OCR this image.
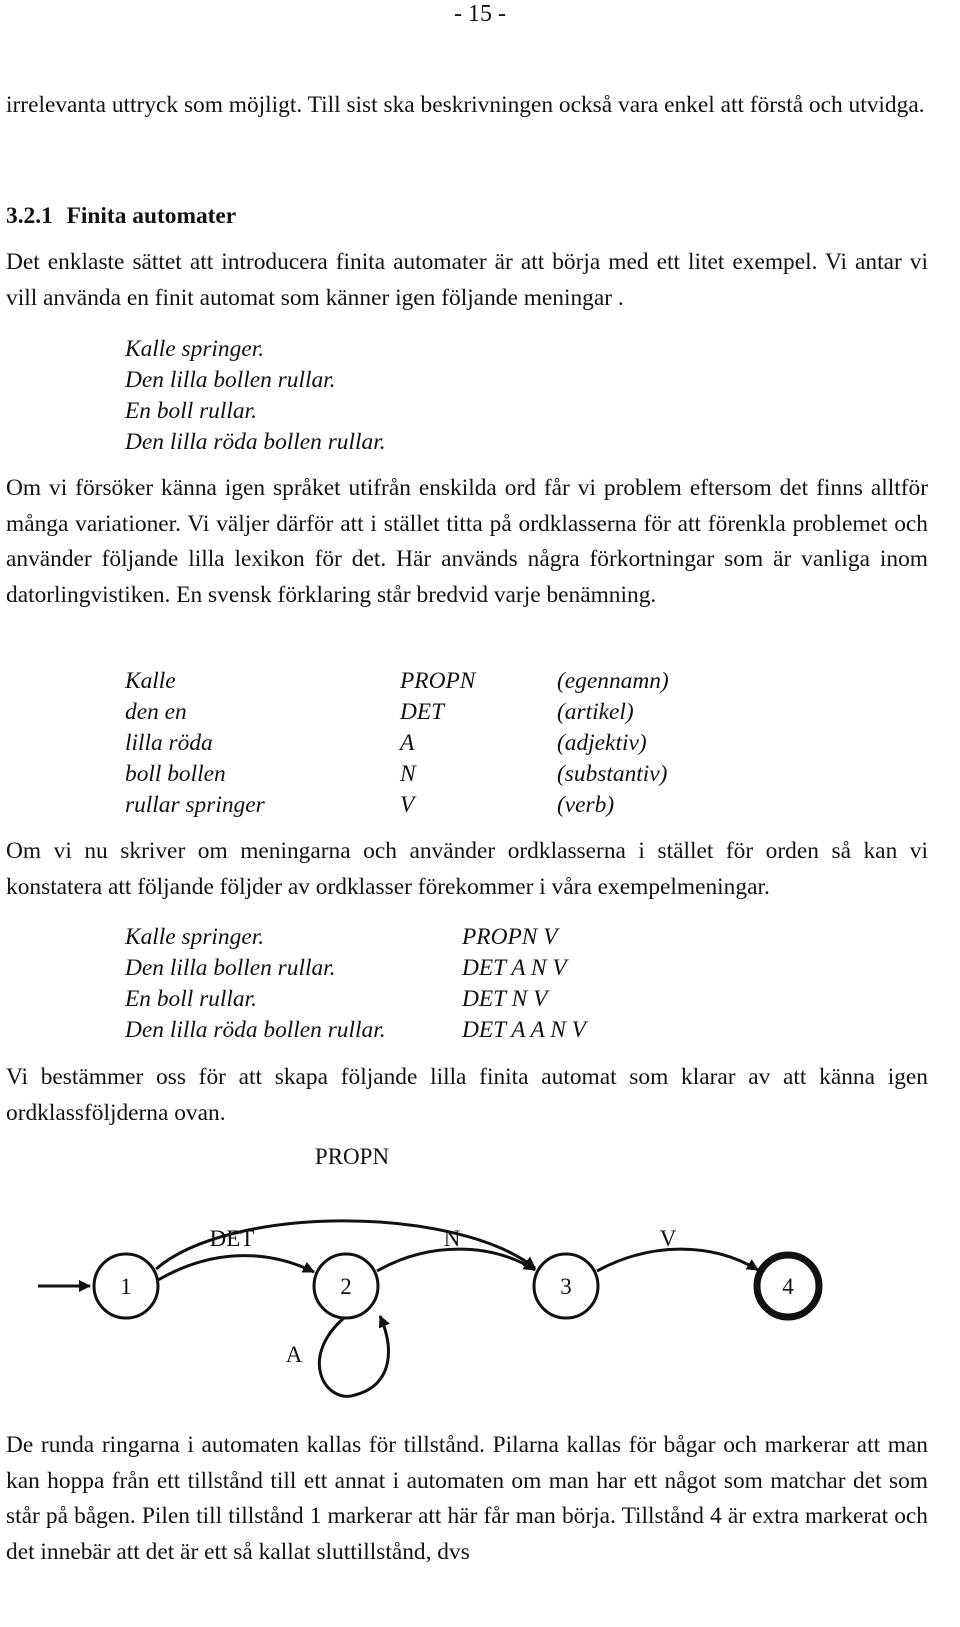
- 15 -

irrelevanta uttryck som möjligt. Till sist ska beskrivningen också vara enkel att förstå och utvidga.

3.2.1 Finita automater

Det enklaste sättet att introducera finita automater är att börja med ett litet exempel. Vi antar vi vill använda en finit automat som känner igen följande meningar .

Kalle springer.
Den lilla bollen rullar.
En boll rullar.
Den lilla röda bollen rullar.

Om vi försöker känna igen språket utifrån enskilda ord får vi problem eftersom det finns alltför många variationer. Vi väljer därför att i stället titta på ordklasserna för att förenkla problemet och använder följande lilla lexikon för det. Här används några förkortningar som är vanliga inom datorlingvistiken. En svensk förklaring står bredvid varje benämning.

Kalle	PROPN	(egennamn)
den en	DET	(artikel)
lilla röda	A	(adjektiv)
boll bollen	N	(substantiv)
rullar springer	V	(verb)

Om vi nu skriver om meningarna och använder ordklasserna i stället för orden så kan vi konstatera att följande följder av ordklasser förekommer i våra exempelmeningar.

Kalle springer.	PROPN V
Den lilla bollen rullar.	DET A N V
En boll rullar.	DET N V
Den lilla röda bollen rullar.	DET A A N V

Vi bestämmer oss för att skapa följande lilla finita automat som klarar av att känna igen ordklassföljderna ovan.

PROPN
DET
A
N	V
1	2	3	4

De runda ringarna i automaten kallas för tillstånd. Pilarna kallas för bågar och markerar att man kan hoppa från ett tillstånd till ett annat i automaten om man har ett något som matchar det som står på bågen. Pilen till tillstånd 1 markerar att här får man börja. Tillstånd 4 är extra markerat och det innebär att det är ett så kallat sluttillstånd, dvs
